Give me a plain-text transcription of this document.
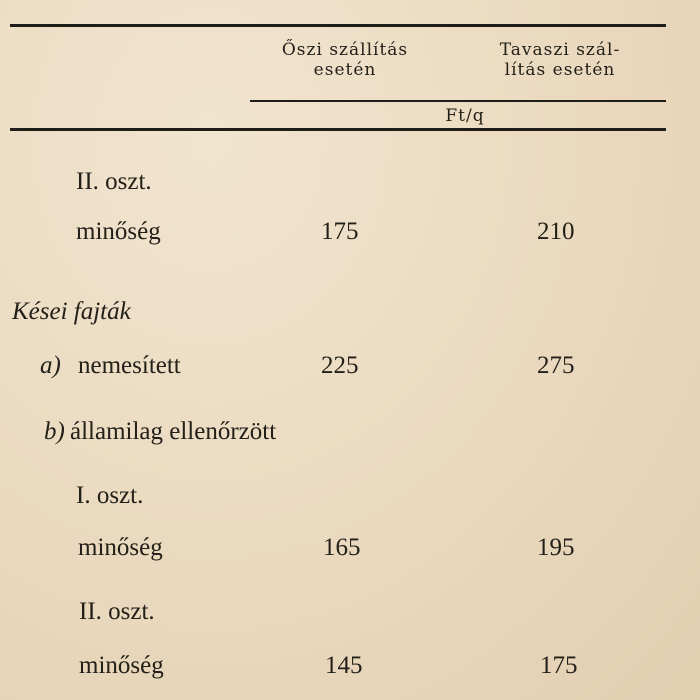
Őszi szállítás
esetén
Tavaszi szál-
lítás esetén
Ft/q
II. oszt.
minőség	175	210
Kései fajták
a) nemesített	225	275
b) államilag ellenőrzött
I. oszt.
minőség	165	195
II. oszt.
minőség	145	175
